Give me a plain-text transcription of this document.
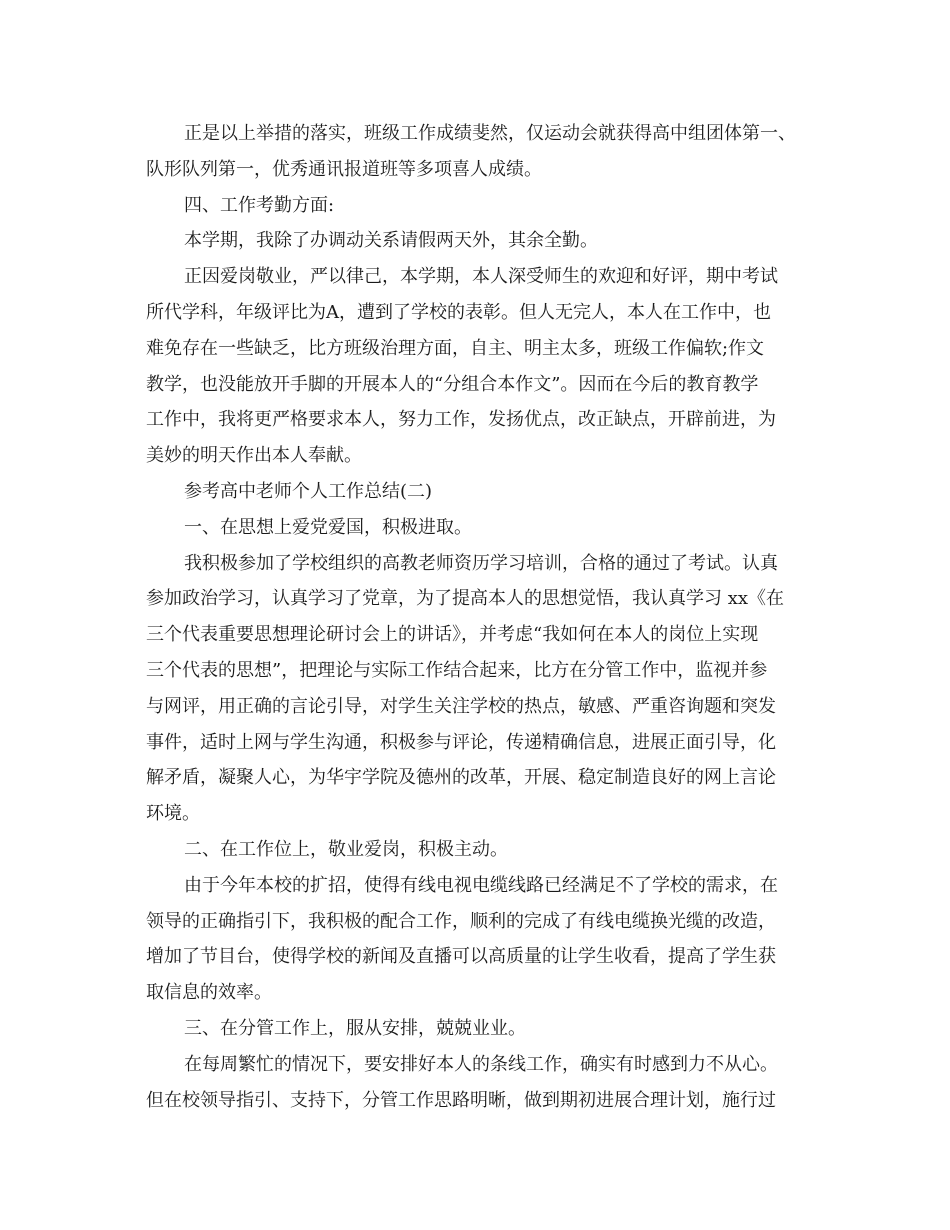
正是以上举措的落实，班级工作成绩斐然，仅运动会就获得高中组团体第一、
队形队列第一，优秀通讯报道班等多项喜人成绩。
四、工作考勤方面:
本学期，我除了办调动关系请假两天外，其余全勤。
正因爱岗敬业，严以律己，本学期，本人深受师生的欢迎和好评，期中考试
所代学科，年级评比为A，遭到了学校的表彰。但人无完人，本人在工作中，也
难免存在一些缺乏，比方班级治理方面，自主、明主太多，班级工作偏软;作文
教学，也没能放开手脚的开展本人的“分组合本作文”。因而在今后的教育教学
工作中，我将更严格要求本人，努力工作，发扬优点，改正缺点，开辟前进，为
美妙的明天作出本人奉献。
参考高中老师个人工作总结(二)
一、在思想上爱党爱国，积极进取。
我积极参加了学校组织的高教老师资历学习培训，合格的通过了考试。认真
参加政治学习，认真学习了党章，为了提高本人的思想觉悟，我认真学习 xx《在
三个代表重要思想理论研讨会上的讲话》，并考虑“我如何在本人的岗位上实现
三个代表的思想”，把理论与实际工作结合起来，比方在分管工作中，监视并参
与网评，用正确的言论引导，对学生关注学校的热点，敏感、严重咨询题和突发
事件，适时上网与学生沟通，积极参与评论，传递精确信息，进展正面引导，化
解矛盾，凝聚人心，为华宇学院及德州的改革，开展、稳定制造良好的网上言论
环境。
二、在工作位上，敬业爱岗，积极主动。
由于今年本校的扩招，使得有线电视电缆线路已经满足不了学校的需求，在
领导的正确指引下，我积极的配合工作，顺利的完成了有线电缆换光缆的改造，
增加了节目台，使得学校的新闻及直播可以高质量的让学生收看，提高了学生获
取信息的效率。
三、在分管工作上，服从安排，兢兢业业。
在每周繁忙的情况下，要安排好本人的条线工作，确实有时感到力不从心。
但在校领导指引、支持下，分管工作思路明晰，做到期初进展合理计划，施行过
